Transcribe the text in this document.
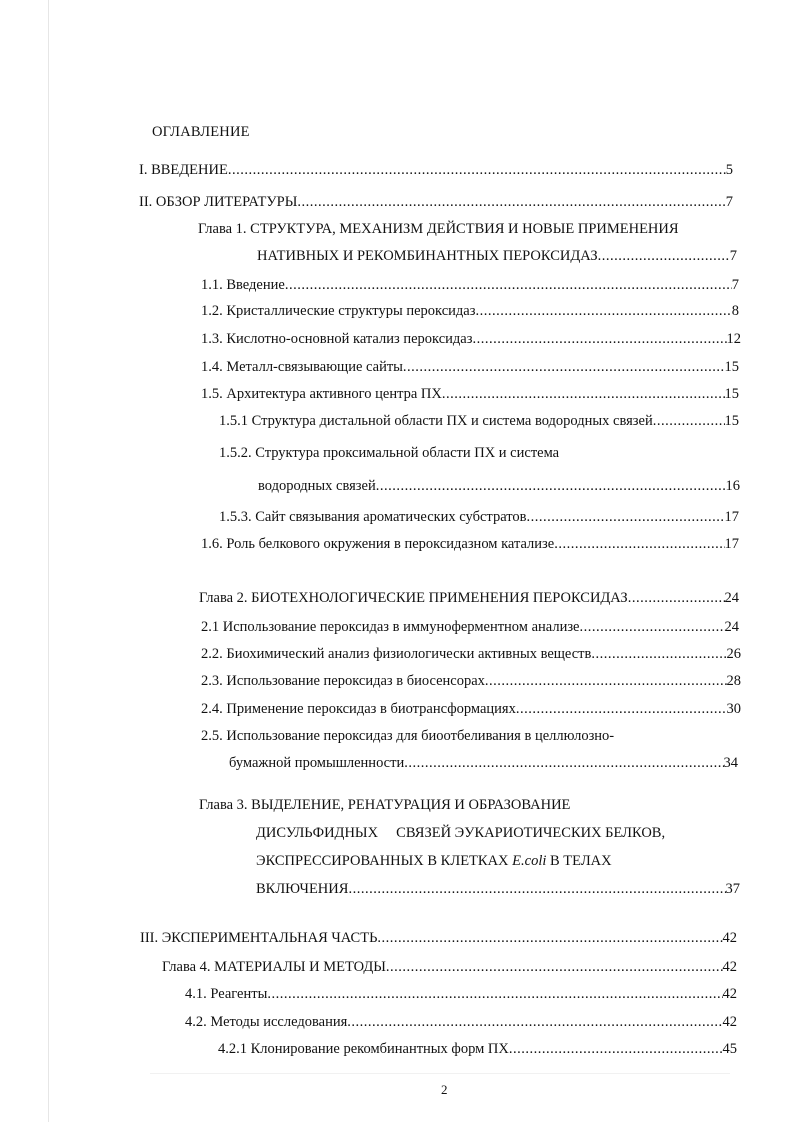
ОГЛАВЛЕНИЕ
I. ВВЕДЕНИЕ .....	5
II. ОБЗОР ЛИТЕРАТУРЫ .....	7
Глава 1. СТРУКТУРА, МЕХАНИЗМ ДЕЙСТВИЯ И НОВЫЕ ПРИМЕНЕНИЯ
НАТИВНЫХ И РЕКОМБИНАНТНЫХ ПЕРОКСИДАЗ .....	7
1.1. Введение .....	7
1.2. Кристаллические структуры пероксидаз .....	8
1.3. Кислотно-основной катализ пероксидаз .....	12
1.4. Металл-связывающие сайты .....	15
1.5. Архитектура активного центра ПХ .....	15
1.5.1 Структура дистальной области ПХ и система водородных связей .....	15
1.5.2. Структура проксимальной области ПХ и система
водородных связей .....	16
1.5.3. Сайт связывания ароматических субстратов .....	17
1.6. Роль белкового окружения в пероксидазном катализе .....	17
Глава 2. БИОТЕХНОЛОГИЧЕСКИЕ ПРИМЕНЕНИЯ ПЕРОКСИДАЗ .....	24
2.1 Использование пероксидаз в иммуноферментном анализе .....	24
2.2. Биохимический анализ физиологически активных веществ .....	26
2.3. Использование пероксидаз в биосенсорах .....	28
2.4. Применение пероксидаз в биотрансформациях .....	30
2.5. Использование пероксидаз для биоотбеливания в целлюлозно-
бумажной промышленности .....	34
Глава 3. ВЫДЕЛЕНИЕ, РЕНАТУРАЦИЯ И ОБРАЗОВАНИЕ
ДИСУЛЬФИДНЫХ     СВЯЗЕЙ ЭУКАРИОТИЧЕСКИХ БЕЛКОВ,
ЭКСПРЕССИРОВАННЫХ В КЛЕТКАХ E.coli В ТЕЛАХ
ВКЛЮЧЕНИЯ .....	37
III. ЭКСПЕРИМЕНТАЛЬНАЯ ЧАСТЬ .....	42
Глава 4. МАТЕРИАЛЫ И МЕТОДЫ .....	42
4.1. Реагенты .....	42
4.2. Методы исследования .....	42
4.2.1 Клонирование рекомбинантных форм ПХ .....	45
2
